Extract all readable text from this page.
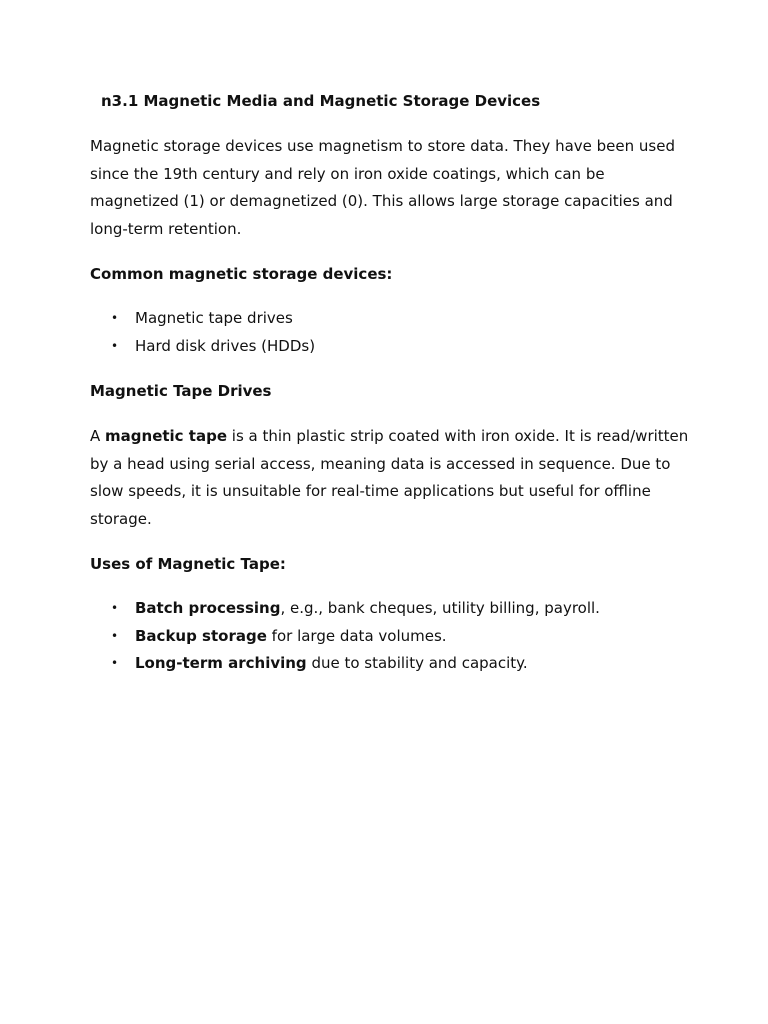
n3.1 Magnetic Media and Magnetic Storage Devices

Magnetic storage devices use magnetism to store data. They have been used since the 19th century and rely on iron oxide coatings, which can be magnetized (1) or demagnetized (0). This allows large storage capacities and long-term retention.

Common magnetic storage devices:
• Magnetic tape drives
• Hard disk drives (HDDs)
Magnetic Tape Drives

A magnetic tape is a thin plastic strip coated with iron oxide. It is read/written by a head using serial access, meaning data is accessed in sequence. Due to slow speeds, it is unsuitable for real-time applications but useful for offline storage.

Uses of Magnetic Tape:
• Batch processing, e.g., bank cheques, utility billing, payroll.
• Backup storage for large data volumes.
• Long-term archiving due to stability and capacity.
